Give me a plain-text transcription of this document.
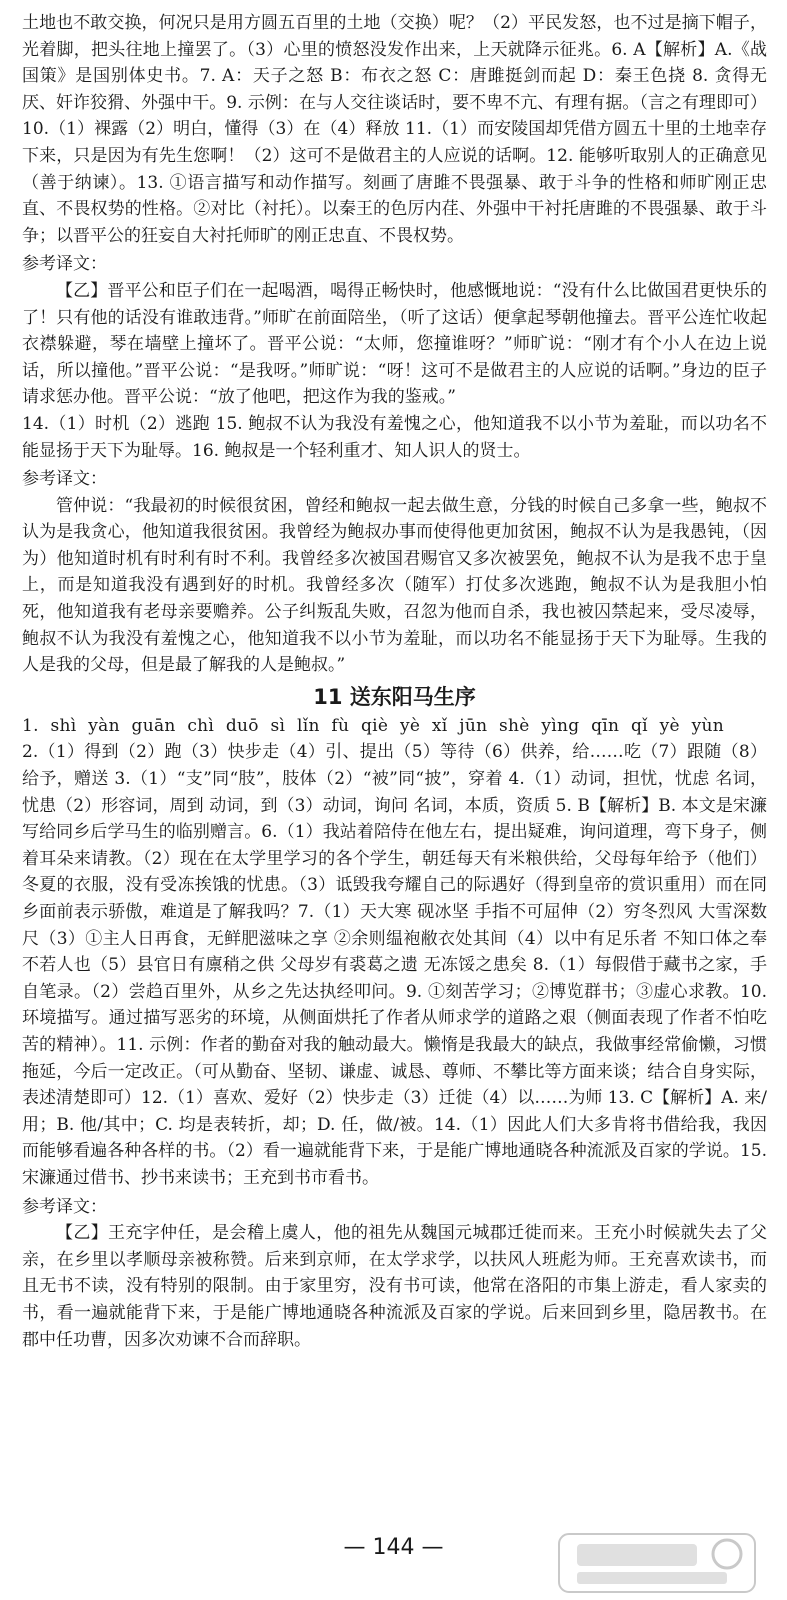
土地也不敢交换，何况只是用方圆五百里的土地（交换）呢？（2）平民发怒，也不过是摘下帽子，光着脚，把头往地上撞罢了。（3）心里的愤怒没发作出来，上天就降示征兆。6. A【解析】A.《战国策》是国别体史书。7. A：天子之怒 B：布衣之怒 C：唐雎挺剑而起 D：秦王色挠 8. 贪得无厌、奸诈狡猾、外强中干。9. 示例：在与人交往谈话时，要不卑不亢、有理有据。（言之有理即可）10.（1）裸露（2）明白，懂得（3）在（4）释放 11.（1）而安陵国却凭借方圆五十里的土地幸存下来，只是因为有先生您啊！（2）这可不是做君主的人应说的话啊。12. 能够听取别人的正确意见（善于纳谏）。13. ①语言描写和动作描写。刻画了唐雎不畏强暴、敢于斗争的性格和师旷刚正忠直、不畏权势的性格。②对比（衬托）。以秦王的色厉内荏、外强中干衬托唐雎的不畏强暴、敢于斗争；以晋平公的狂妄自大衬托师旷的刚正忠直、不畏权势。

参考译文：

【乙】晋平公和臣子们在一起喝酒，喝得正畅快时，他感慨地说：“没有什么比做国君更快乐的了！只有他的话没有谁敢违背。”师旷在前面陪坐，（听了这话）便拿起琴朝他撞去。晋平公连忙收起衣襟躲避，琴在墙壁上撞坏了。晋平公说：“太师，您撞谁呀？”师旷说：“刚才有个小人在边上说话，所以撞他。”晋平公说：“是我呀。”师旷说：“呀！这可不是做君主的人应说的话啊。”身边的臣子请求惩办他。晋平公说：“放了他吧，把这作为我的鉴戒。”

14.（1）时机（2）逃跑 15. 鲍叔不认为我没有羞愧之心，他知道我不以小节为羞耻，而以功名不能显扬于天下为耻辱。16. 鲍叔是一个轻利重才、知人识人的贤士。

参考译文：

管仲说：“我最初的时候很贫困，曾经和鲍叔一起去做生意，分钱的时候自己多拿一些，鲍叔不认为是我贪心，他知道我很贫困。我曾经为鲍叔办事而使得他更加贫困，鲍叔不认为是我愚钝，（因为）他知道时机有时利有时不利。我曾经多次被国君赐官又多次被罢免，鲍叔不认为是我不忠于皇上，而是知道我没有遇到好的时机。我曾经多次（随军）打仗多次逃跑，鲍叔不认为是我胆小怕死，他知道我有老母亲要赡养。公子纠叛乱失败，召忽为他而自杀，我也被囚禁起来，受尽凌辱，鲍叔不认为我没有羞愧之心，他知道我不以小节为羞耻，而以功名不能显扬于天下为耻辱。生我的人是我的父母，但是最了解我的人是鲍叔。”

11 送东阳马生序

1. shì yàn guān chì duō sì lǐn fù qiè yè xǐ jūn shè yìng qīn qǐ yè yùn

2.（1）得到（2）跑（3）快步走（4）引、提出（5）等待（6）供养，给……吃（7）跟随（8）给予，赠送 3.（1）“支”同“肢”，肢体（2）“被”同“披”，穿着 4.（1）动词，担忧，忧虑 名词，忧患（2）形容词，周到 动词，到（3）动词，询问 名词，本质，资质 5. B【解析】B. 本文是宋濂写给同乡后学马生的临别赠言。6.（1）我站着陪侍在他左右，提出疑难，询问道理，弯下身子，侧着耳朵来请教。（2）现在在太学里学习的各个学生，朝廷每天有米粮供给，父母每年给予（他们）冬夏的衣服，没有受冻挨饿的忧患。（3）诋毁我夸耀自己的际遇好（得到皇帝的赏识重用）而在同乡面前表示骄傲，难道是了解我吗？7.（1）天大寒 砚冰坚 手指不可屈伸（2）穷冬烈风 大雪深数尺（3）①主人日再食，无鲜肥滋味之享 ②余则缊袍敝衣处其间（4）以中有足乐者 不知口体之奉不若人也（5）县官日有廪稍之供 父母岁有裘葛之遗 无冻馁之患矣 8.（1）每假借于藏书之家，手自笔录。（2）尝趋百里外，从乡之先达执经叩问。9. ①刻苦学习；②博览群书；③虚心求教。10. 环境描写。通过描写恶劣的环境，从侧面烘托了作者从师求学的道路之艰（侧面表现了作者不怕吃苦的精神）。11. 示例：作者的勤奋对我的触动最大。懒惰是我最大的缺点，我做事经常偷懒，习惯拖延，今后一定改正。（可从勤奋、坚韧、谦虚、诚恳、尊师、不攀比等方面来谈；结合自身实际，表述清楚即可）12.（1）喜欢、爱好（2）快步走（3）迁徙（4）以……为师 13. C【解析】A. 来/用；B. 他/其中；C. 均是表转折，却；D. 任，做/被。14.（1）因此人们大多肯将书借给我，我因而能够看遍各种各样的书。（2）看一遍就能背下来，于是能广博地通晓各种流派及百家的学说。15. 宋濂通过借书、抄书来读书；王充到书市看书。

参考译文：

【乙】王充字仲任，是会稽上虞人，他的祖先从魏国元城郡迁徙而来。王充小时候就失去了父亲，在乡里以孝顺母亲被称赞。后来到京师，在太学求学，以扶风人班彪为师。王充喜欢读书，而且无书不读，没有特别的限制。由于家里穷，没有书可读，他常在洛阳的市集上游走，看人家卖的书，看一遍就能背下来，于是能广博地通晓各种流派及百家的学说。后来回到乡里，隐居教书。在郡中任功曹，因多次劝谏不合而辞职。

— 144 —
